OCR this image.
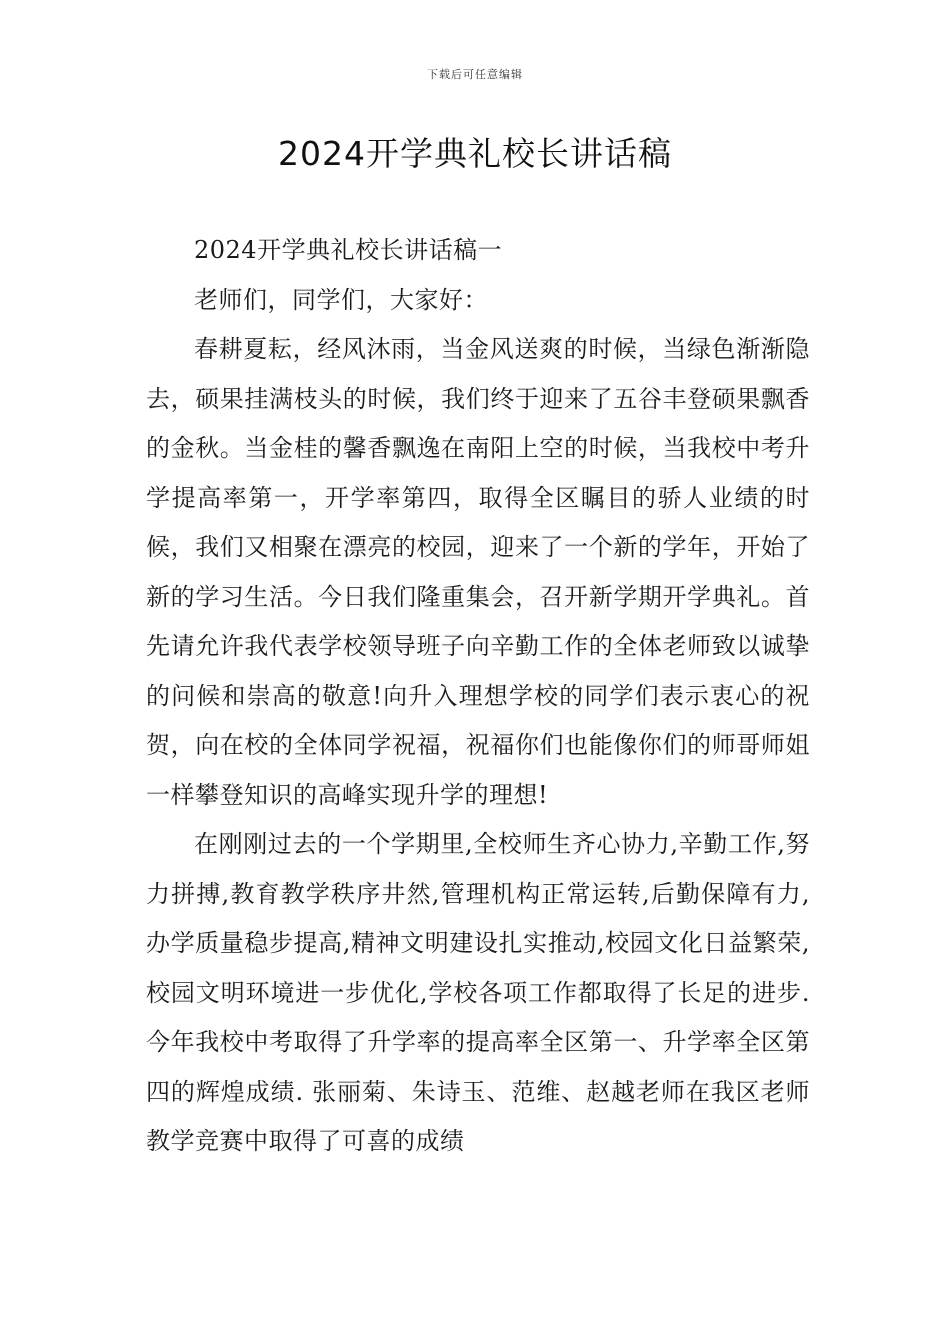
下载后可任意编辑
2024开学典礼校长讲话稿

2024开学典礼校长讲话稿一

老师们，同学们，大家好：

春耕夏耘，经风沐雨，当金风送爽的时候，当绿色渐渐隐去，硕果挂满枝头的时候，我们终于迎来了五谷丰登硕果飘香的金秋。当金桂的馨香飘逸在南阳上空的时候，当我校中考升学提高率第一，开学率第四，取得全区瞩目的骄人业绩的时候，我们又相聚在漂亮的校园，迎来了一个新的学年，开始了新的学习生活。今日我们隆重集会，召开新学期开学典礼。首先请允许我代表学校领导班子向辛勤工作的全体老师致以诚挚的问候和崇高的敬意!向升入理想学校的同学们表示衷心的祝贺，向在校的全体同学祝福，祝福你们也能像你们的师哥师姐一样攀登知识的高峰实现升学的理想!

在刚刚过去的一个学期里,全校师生齐心协力,辛勤工作,努力拼搏,教育教学秩序井然,管理机构正常运转,后勤保障有力,办学质量稳步提高,精神文明建设扎实推动,校园文化日益繁荣,校园文明环境进一步优化,学校各项工作都取得了长足的进步.今年我校中考取得了升学率的提高率全区第一、升学率全区第四的辉煌成绩. 张丽菊、朱诗玉、范维、赵越老师在我区老师教学竞赛中取得了可喜的成绩
